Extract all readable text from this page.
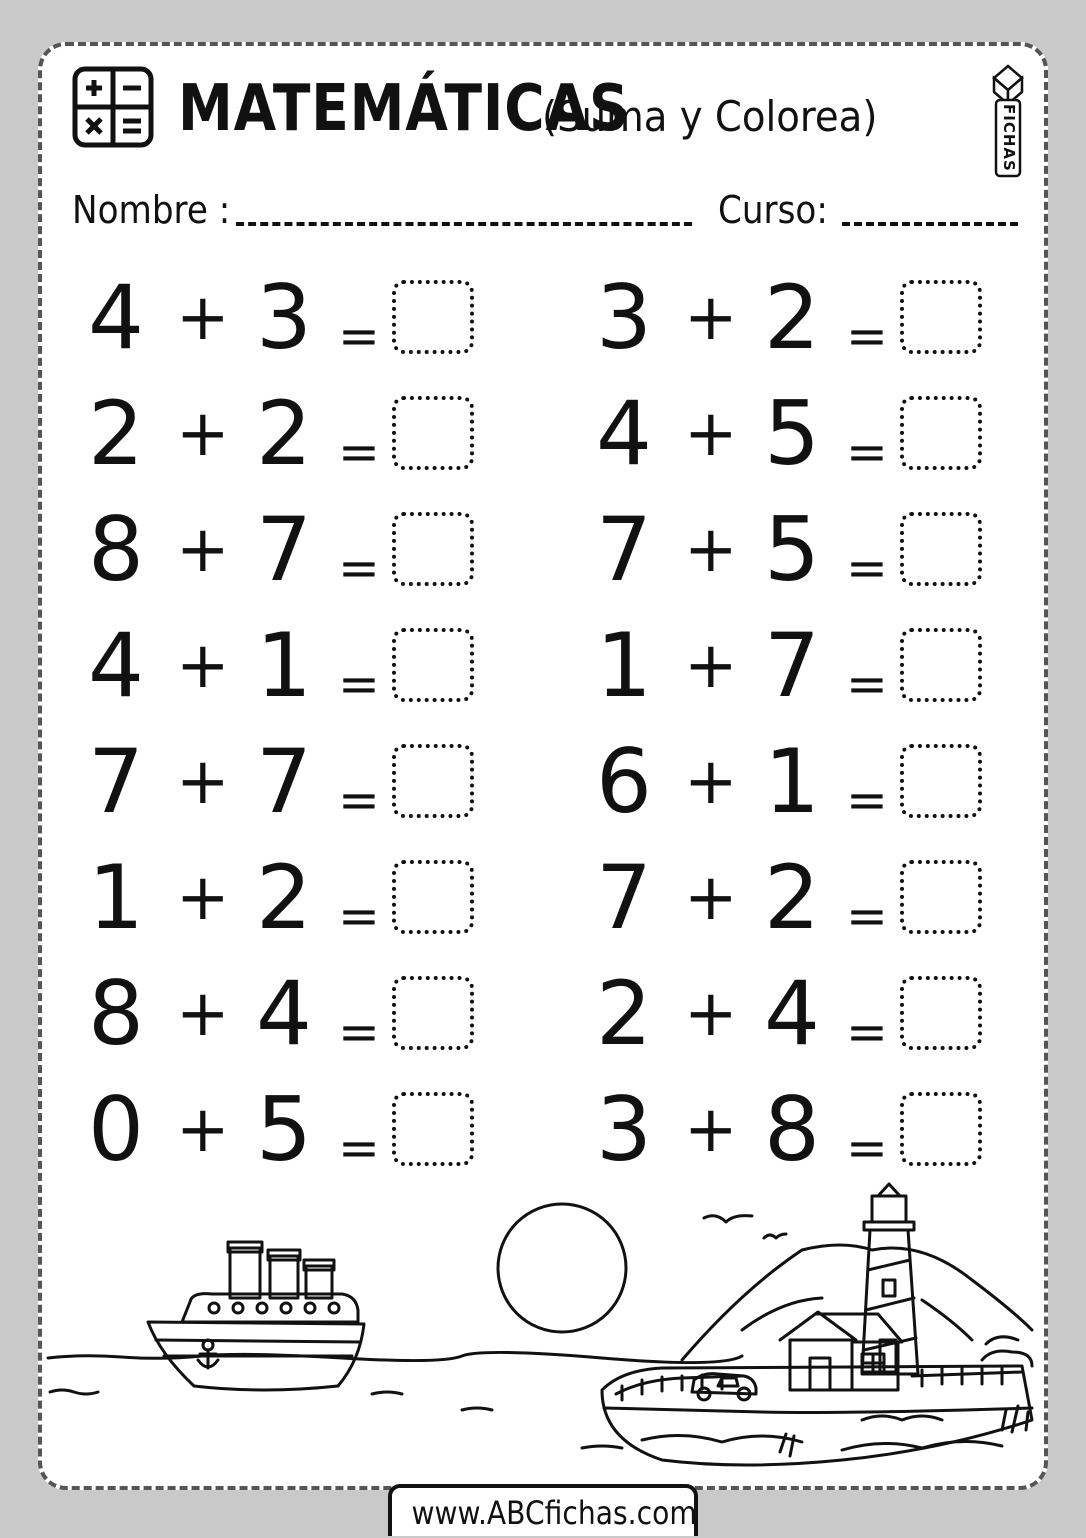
MATEMÁTICAS
(Suma y Colorea)	FICHAS
Nombre :	Curso:
4 + 3 =
2 + 2 =
8 + 7 =
4 + 1 =
7 + 7 =
1 + 2 =
8 + 4 =
0 + 5 =
3 + 2 =
4 + 5 =
7 + 5 =
1 + 7 =
6 + 1 =
7 + 2 =
2 + 4 =
3 + 8 =
www.ABCfichas.com
